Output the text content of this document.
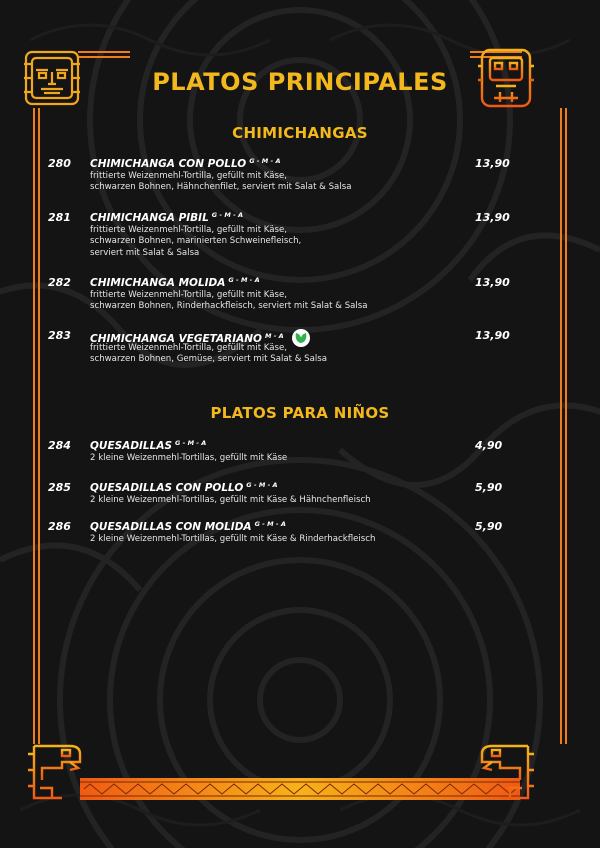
PLATOS PRINCIPALES
CHIMICHANGAS
280 CHIMICHANGA CON POLLO $^{G - M - A}$	13,90
frittierte Weizenmehl-Tortilla, gefüllt mit Käse,
schwarzen Bohnen, Hähnchenfilet, serviert mit Salat & Salsa
281 CHIMICHANGA PIBIL $^{G - M - A}$	13,90
frittierte Weizenmehl-Tortilla, gefüllt mit Käse,
schwarzen Bohnen, marinierten Schweinefleisch,
serviert mit Salat & Salsa
282 CHIMICHANGA MOLIDA $^{G - M - A}$	13,90
frittierte Weizenmehl-Tortilla, gefüllt mit Käse,
schwarzen Bohnen, Rinderhackfleisch, serviert mit Salat & Salsa
283 CHIMICHANGA VEGETARIANO $^{M - A}$	13,90
frittierte Weizenmehl-Tortilla, gefüllt mit Käse,
schwarzen Bohnen, Gemüse, serviert mit Salat & Salsa
PLATOS PARA NIÑOS
284 QUESADILLAS $^{G - M - A}$	4,90
2 kleine Weizenmehl-Tortillas, gefüllt mit Käse
285 QUESADILLAS CON POLLO $^{G - M - A}$	5,90
2 kleine Weizenmehl-Tortillas, gefüllt mit Käse & Hähnchenfleisch
286 QUESADILLAS CON MOLIDA $^{G - M - A}$	5,90
2 kleine Weizenmehl-Tortillas, gefüllt mit Käse & Rinderhackfleisch
